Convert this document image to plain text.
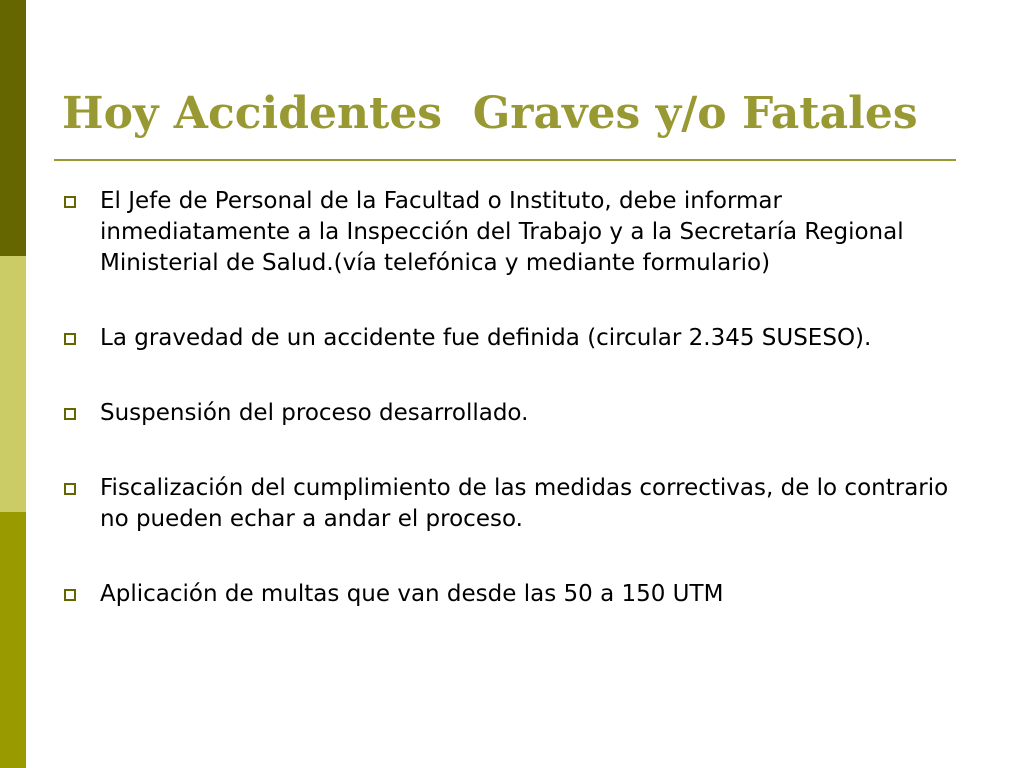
Hoy Accidentes  Graves y/o Fatales
El Jefe de Personal de la Facultad o Instituto, debe informar inmediatamente a la Inspección del Trabajo y a la Secretaría Regional Ministerial de Salud.(vía telefónica y mediante formulario)
La gravedad de un accidente fue definida (circular 2.345 SUSESO).
Suspensión del proceso desarrollado.
Fiscalización del cumplimiento de las medidas correctivas, de lo contrario no pueden echar a andar el proceso.
Aplicación de multas que van desde las 50 a 150 UTM
